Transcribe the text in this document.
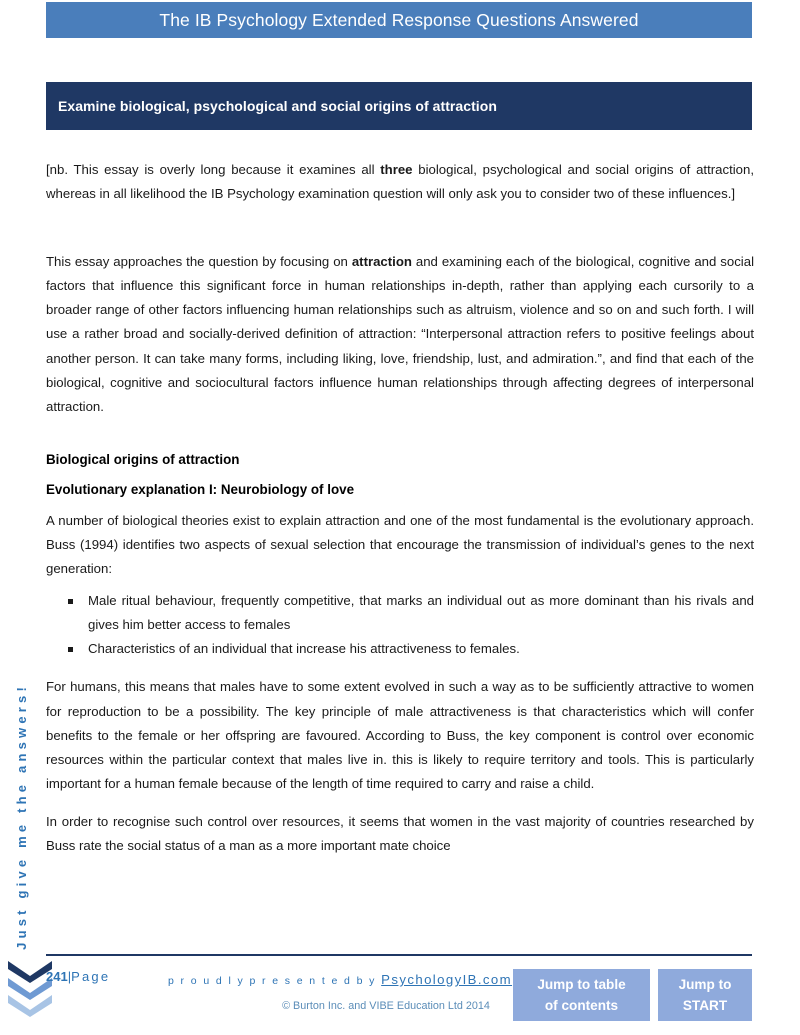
The IB Psychology Extended Response Questions Answered
Examine biological, psychological and social origins of attraction

[nb. This essay is overly long because it examines all three biological, psychological and social origins of attraction, whereas in all likelihood the IB Psychology examination question will only ask you to consider two of these influences.]

This essay approaches the question by focusing on attraction and examining each of the biological, cognitive and social factors that influence this significant force in human relationships in-depth, rather than applying each cursorily to a broader range of other factors influencing human relationships such as altruism, violence and so on and such forth. I will use a rather broad and socially-derived definition of attraction: “Interpersonal attraction refers to positive feelings about another person. It can take many forms, including liking, love, friendship, lust, and admiration.”, and find that each of the biological, cognitive and sociocultural factors influence human relationships through affecting degrees of interpersonal attraction.

Biological origins of attraction
Evolutionary explanation I: Neurobiology of love

A number of biological theories exist to explain attraction and one of the most fundamental is the evolutionary approach. Buss (1994) identifies two aspects of sexual selection that encourage the transmission of individual’s genes to the next generation:

Male ritual behaviour, frequently competitive, that marks an individual out as more dominant than his rivals and gives him better access to females
Characteristics of an individual that increase his attractiveness to females.

For humans, this means that males have to some extent evolved in such a way as to be sufficiently attractive to women for reproduction to be a possibility. The key principle of male attractiveness is that characteristics which will confer benefits to the female or her offspring are favoured. According to Buss, the key component is control over economic resources within the particular context that males live in. this is likely to require territory and tools. This is particularly important for a human female because of the length of time required to carry and raise a child.

In order to recognise such control over resources, it seems that women in the vast majority of countries researched by Buss rate the social status of a man as a more important mate choice

Just give me the answers!
241|Page	p r o u d l y p r e s e n t e d b y PsychologyIB.com
© Burton Inc. and VIBE Education Ltd 2014
Jump to table
of contents
Jump to
START
